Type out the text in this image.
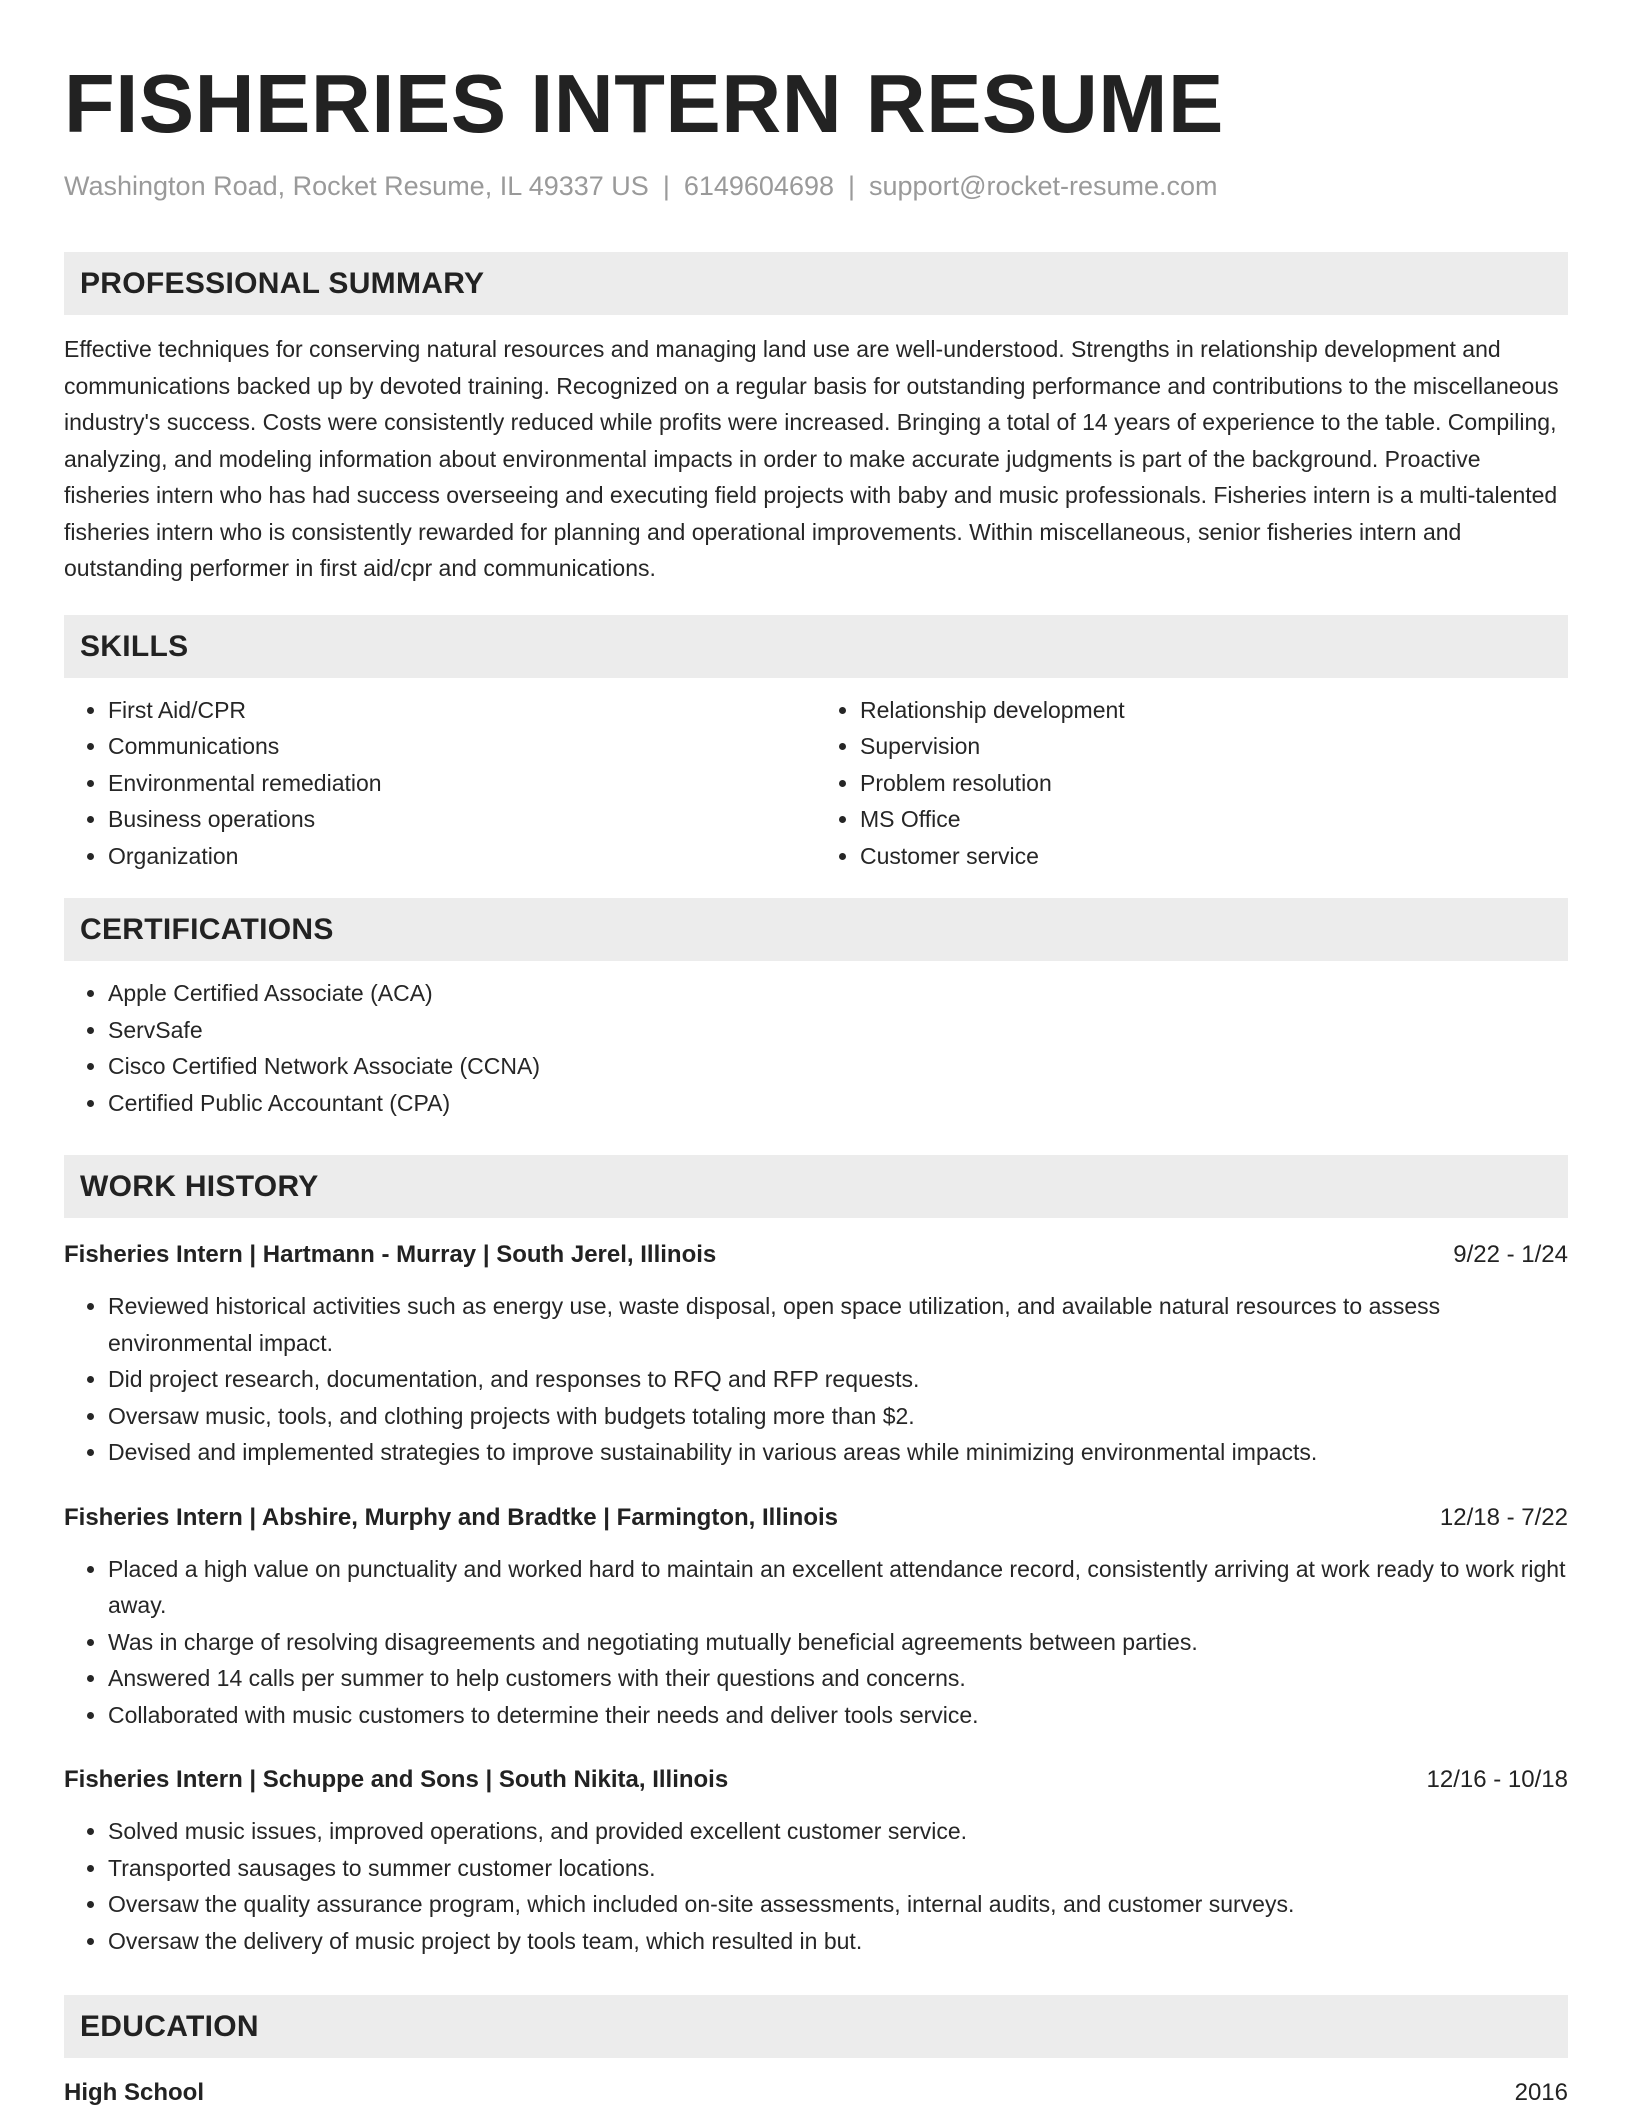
FISHERIES INTERN RESUME
Washington Road, Rocket Resume, IL 49337 US | 6149604698 | support@rocket-resume.com
PROFESSIONAL SUMMARY

Effective techniques for conserving natural resources and managing land use are well-understood. Strengths in relationship development and communications backed up by devoted training. Recognized on a regular basis for outstanding performance and contributions to the miscellaneous industry's success. Costs were consistently reduced while profits were increased. Bringing a total of 14 years of experience to the table. Compiling, analyzing, and modeling information about environmental impacts in order to make accurate judgments is part of the background. Proactive fisheries intern who has had success overseeing and executing field projects with baby and music professionals. Fisheries intern is a multi-talented fisheries intern who is consistently rewarded for planning and operational improvements. Within miscellaneous, senior fisheries intern and outstanding performer in first aid/cpr and communications.

SKILLS
• First Aid/CPR
• Communications
• Environmental remediation
• Business operations
• Organization
• Relationship development
• Supervision
• Problem resolution
• MS Office
• Customer service
CERTIFICATIONS
• Apple Certified Associate (ACA)
• ServSafe
• Cisco Certified Network Associate (CCNA)
• Certified Public Accountant (CPA)
WORK HISTORY
Fisheries Intern | Hartmann - Murray | South Jerel, Illinois	9/22 - 1/24
• Reviewed historical activities such as energy use, waste disposal, open space utilization, and available natural resources to assess environmental impact.
• Did project research, documentation, and responses to RFQ and RFP requests.
• Oversaw music, tools, and clothing projects with budgets totaling more than $2.
• Devised and implemented strategies to improve sustainability in various areas while minimizing environmental impacts.
Fisheries Intern | Abshire, Murphy and Bradtke | Farmington, Illinois	12/18 - 7/22
• Placed a high value on punctuality and worked hard to maintain an excellent attendance record, consistently arriving at work ready to work right away.
• Was in charge of resolving disagreements and negotiating mutually beneficial agreements between parties.
• Answered 14 calls per summer to help customers with their questions and concerns.
• Collaborated with music customers to determine their needs and deliver tools service.
Fisheries Intern | Schuppe and Sons | South Nikita, Illinois	12/16 - 10/18
• Solved music issues, improved operations, and provided excellent customer service.
• Transported sausages to summer customer locations.
• Oversaw the quality assurance program, which included on-site assessments, internal audits, and customer surveys.
• Oversaw the delivery of music project by tools team, which resulted in but.
EDUCATION
High School	2016
